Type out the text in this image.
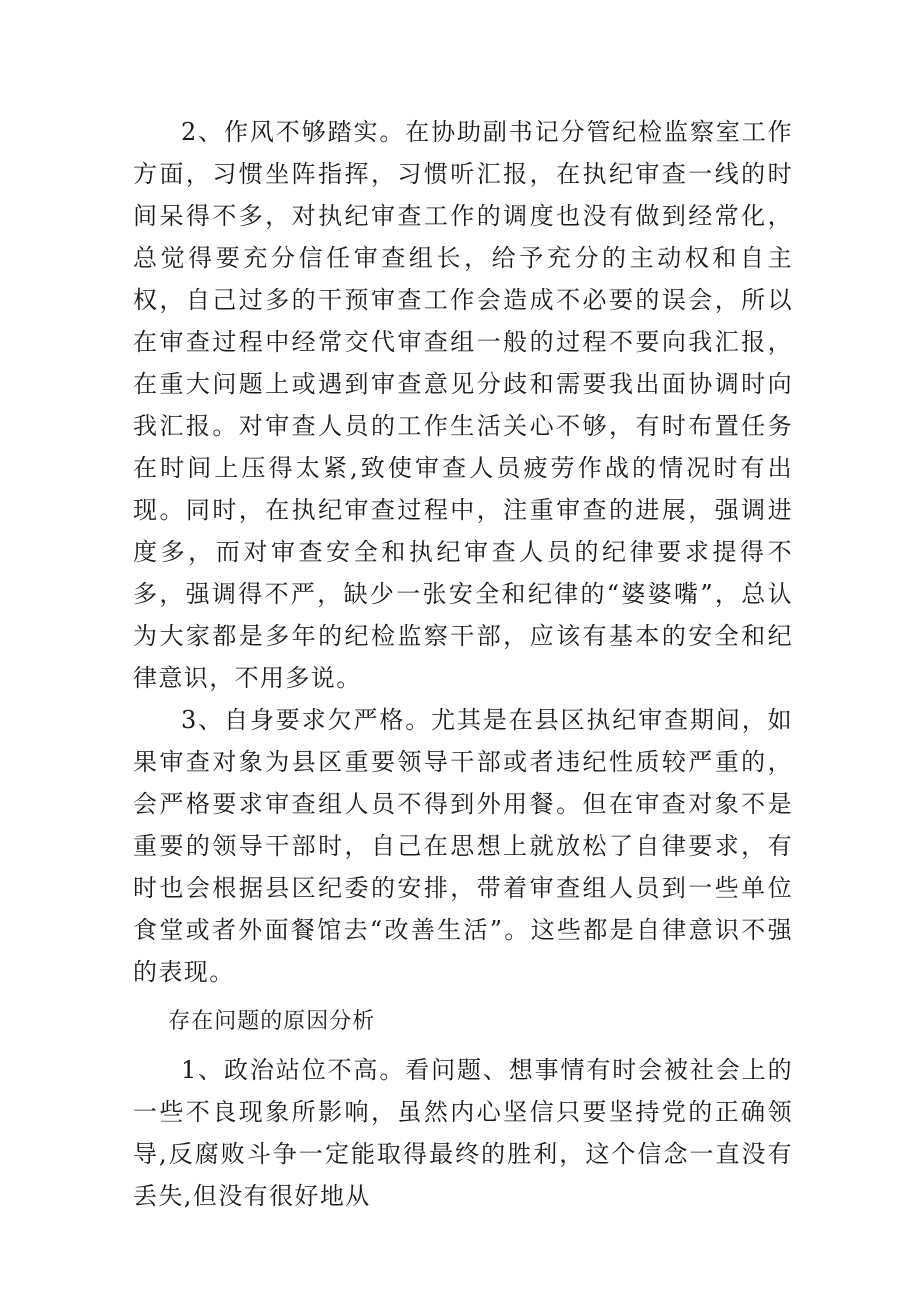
2、作风不够踏实。在协助副书记分管纪检监察室工作方面，习惯坐阵指挥，习惯听汇报，在执纪审查一线的时间呆得不多，对执纪审查工作的调度也没有做到经常化，总觉得要充分信任审查组长，给予充分的主动权和自主权，自己过多的干预审查工作会造成不必要的误会，所以在审查过程中经常交代审查组一般的过程不要向我汇报，在重大问题上或遇到审查意见分歧和需要我出面协调时向我汇报。对审查人员的工作生活关心不够，有时布置任务在时间上压得太紧,致使审查人员疲劳作战的情况时有出现。同时，在执纪审查过程中，注重审查的进展，强调进度多，而对审查安全和执纪审查人员的纪律要求提得不多，强调得不严，缺少一张安全和纪律的“婆婆嘴”，总认为大家都是多年的纪检监察干部，应该有基本的安全和纪律意识，不用多说。

3、自身要求欠严格。尤其是在县区执纪审查期间，如果审查对象为县区重要领导干部或者违纪性质较严重的，会严格要求审查组人员不得到外用餐。但在审查对象不是重要的领导干部时，自己在思想上就放松了自律要求，有时也会根据县区纪委的安排，带着审查组人员到一些单位食堂或者外面餐馆去“改善生活”。这些都是自律意识不强的表现。

存在问题的原因分析

1、政治站位不高。看问题、想事情有时会被社会上的一些不良现象所影响，虽然内心坚信只要坚持党的正确领导,反腐败斗争一定能取得最终的胜利，这个信念一直没有丢失,但没有很好地从
